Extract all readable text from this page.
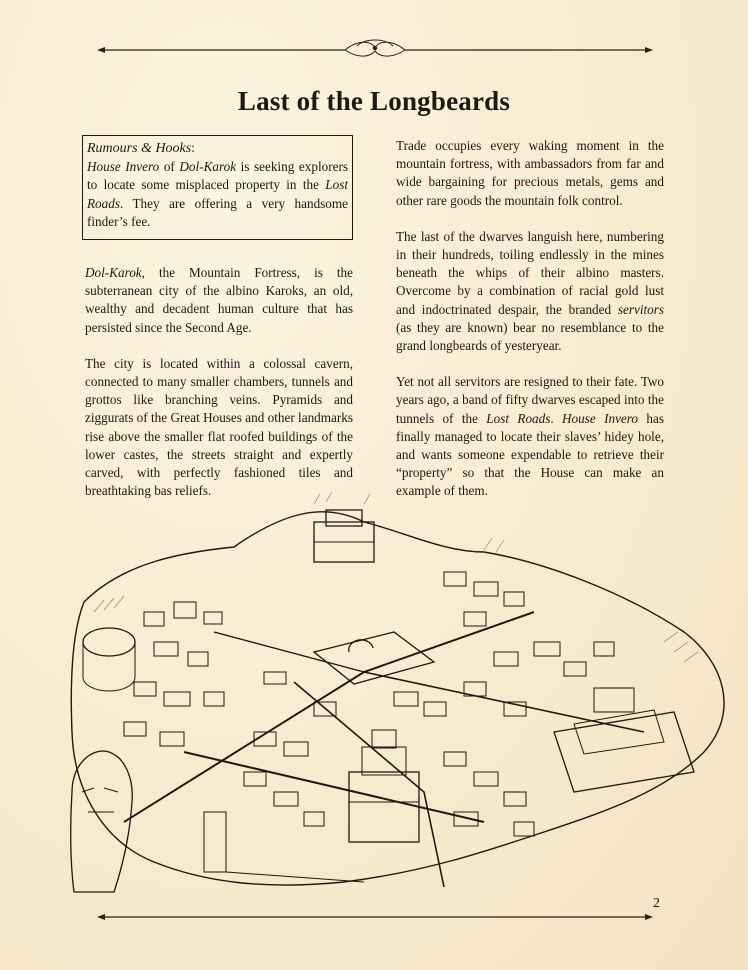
Last of the Longbeards

Rumours & Hooks:

House Invero of Dol-Karok is seeking explorers to locate some misplaced property in the Lost Roads. They are offering a very handsome finder’s fee.

Dol-Karok, the Mountain Fortress, is the subterranean city of the albino Karoks, an old, wealthy and decadent human culture that has persisted since the Second Age.

The city is located within a colossal cavern, connected to many smaller chambers, tunnels and grottos like branching veins. Pyramids and ziggurats of the Great Houses and other landmarks rise above the smaller flat roofed buildings of the lower castes, the streets straight and expertly carved, with perfectly fashioned tiles and breathtaking bas reliefs.

Trade occupies every waking moment in the mountain fortress, with ambassadors from far and wide bargaining for precious metals, gems and other rare goods the mountain folk control.

The last of the dwarves languish here, numbering in their hundreds, toiling endlessly in the mines beneath the whips of their albino masters. Overcome by a combination of racial gold lust and indoctrinated despair, the branded servitors (as they are known) bear no resemblance to the grand longbeards of yesteryear.

Yet not all servitors are resigned to their fate. Two years ago, a band of fifty dwarves escaped into the tunnels of the Lost Roads. House Invero has finally managed to locate their slaves’ hidey hole, and wants someone expendable to retrieve their “property” so that the House can make an example of them.

2
